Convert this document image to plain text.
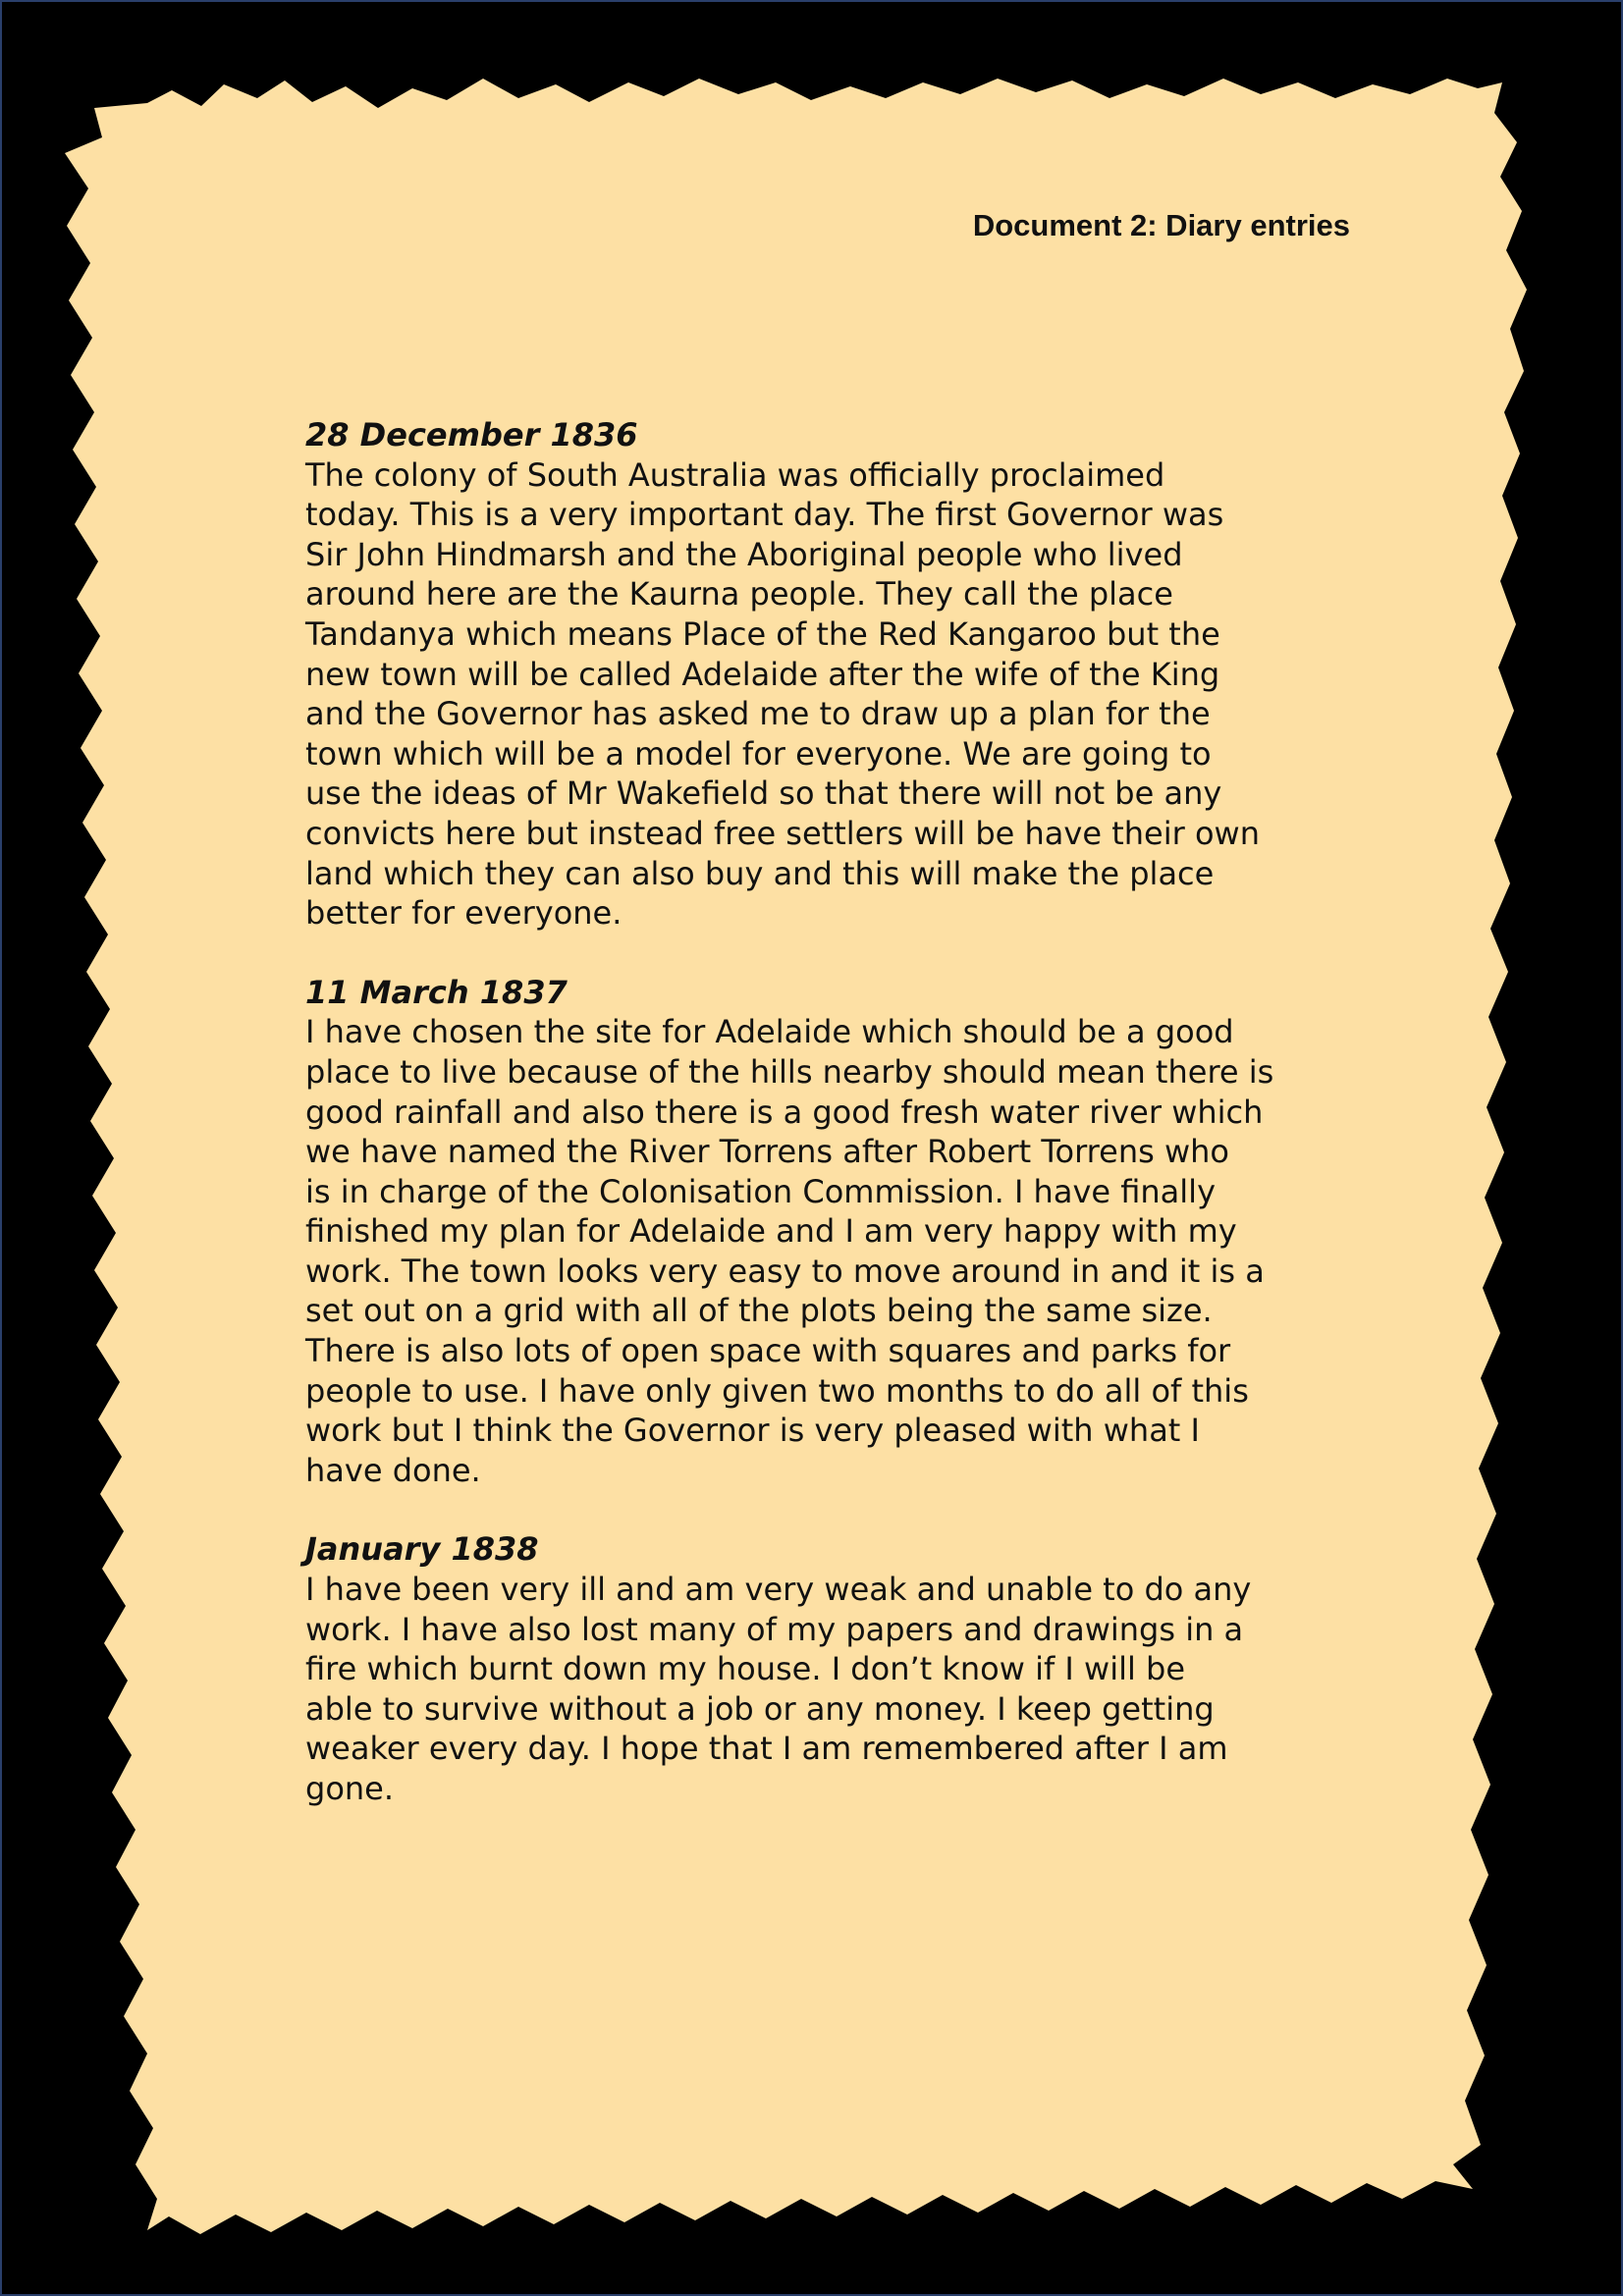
Document 2: Diary entries

28 December 1836

The colony of South Australia was officially proclaimed
today. This is a very important day. The first Governor was
Sir John Hindmarsh and the Aboriginal people who lived
around here are the Kaurna people. They call the place
Tandanya which means Place of the Red Kangaroo but the
new town will be called Adelaide after the wife of the King
and the Governor has asked me to draw up a plan for the
town which will be a model for everyone. We are going to
use the ideas of Mr Wakefield so that there will not be any
convicts here but instead free settlers will be have their own
land which they can also buy and this will make the place
better for everyone.

11 March 1837

I have chosen the site for Adelaide which should be a good
place to live because of the hills nearby should mean there is
good rainfall and also there is a good fresh water river which
we have named the River Torrens after Robert Torrens who
is in charge of the Colonisation Commission. I have finally
finished my plan for Adelaide and I am very happy with my
work. The town looks very easy to move around in and it is a
set out on a grid with all of the plots being the same size.
There is also lots of open space with squares and parks for
people to use. I have only given two months to do all of this
work but I think the Governor is very pleased with what I
have done.

January 1838

I have been very ill and am very weak and unable to do any
work. I have also lost many of my papers and drawings in a
fire which burnt down my house. I don’t know if I will be
able to survive without a job or any money. I keep getting
weaker every day. I hope that I am remembered after I am
gone.
